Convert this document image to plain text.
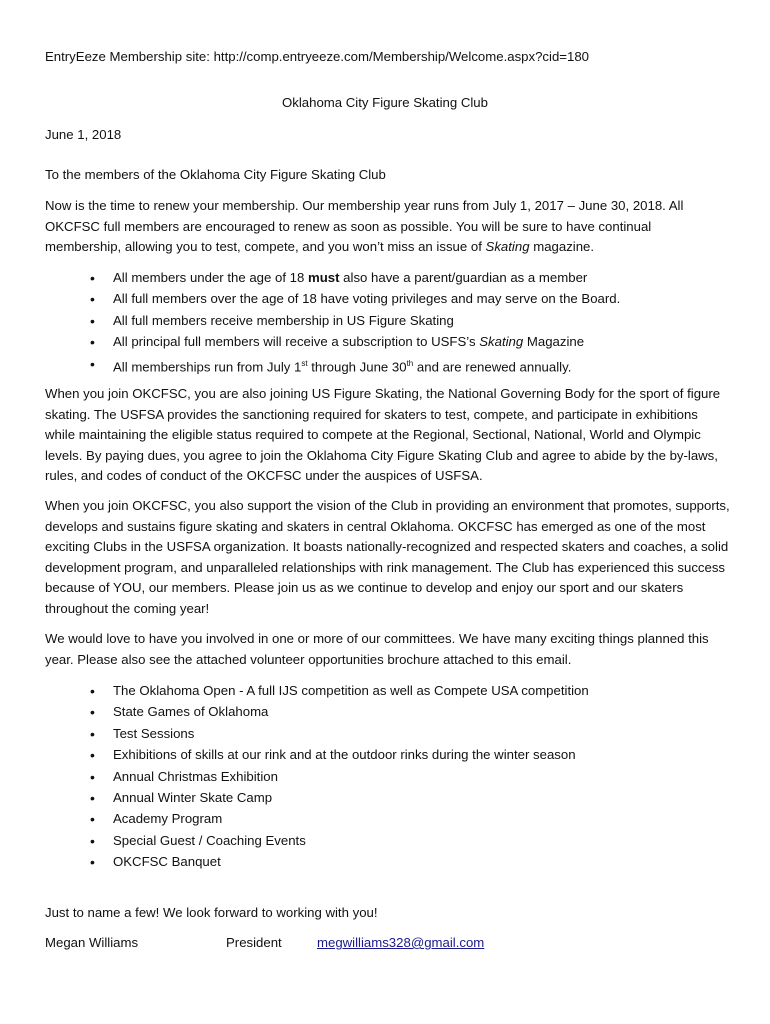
EntryEeze Membership site: http://comp.entryeeze.com/Membership/Welcome.aspx?cid=180
Oklahoma City Figure Skating Club
June 1, 2018
To the members of the Oklahoma City Figure Skating Club
Now is the time to renew your membership. Our membership year runs from July 1, 2017 – June 30, 2018. All OKCFSC full members are encouraged to renew as soon as possible. You will be sure to have continual membership, allowing you to test, compete, and you won’t miss an issue of Skating magazine.
• All members under the age of 18 must also have a parent/guardian as a member
• All full members over the age of 18 have voting privileges and may serve on the Board.
• All full members receive membership in US Figure Skating
• All principal full members will receive a subscription to USFS’s Skating Magazine
• All memberships run from July 1st through June 30th and are renewed annually.
When you join OKCFSC, you are also joining US Figure Skating, the National Governing Body for the sport of figure skating. The USFSA provides the sanctioning required for skaters to test, compete, and participate in exhibitions while maintaining the eligible status required to compete at the Regional, Sectional, National, World and Olympic levels. By paying dues, you agree to join the Oklahoma City Figure Skating Club and agree to abide by the by-laws, rules, and codes of conduct of the OKCFSC under the auspices of USFSA.
When you join OKCFSC, you also support the vision of the Club in providing an environment that promotes, supports, develops and sustains figure skating and skaters in central Oklahoma. OKCFSC has emerged as one of the most exciting Clubs in the USFSA organization. It boasts nationally-recognized and respected skaters and coaches, a solid development program, and unparalleled relationships with rink management. The Club has experienced this success because of YOU, our members. Please join us as we continue to develop and enjoy our sport and our skaters throughout the coming year!
We would love to have you involved in one or more of our committees. We have many exciting things planned this year. Please also see the attached volunteer opportunities brochure attached to this email.
• The Oklahoma Open - A full IJS competition as well as Compete USA competition
• State Games of Oklahoma
• Test Sessions
• Exhibitions of skills at our rink and at the outdoor rinks during the winter season
• Annual Christmas Exhibition
• Annual Winter Skate Camp
• Academy Program
• Special Guest / Coaching Events
• OKCFSC Banquet
Just to name a few! We look forward to working with you!
Megan Williams	President	megwilliams328@gmail.com
